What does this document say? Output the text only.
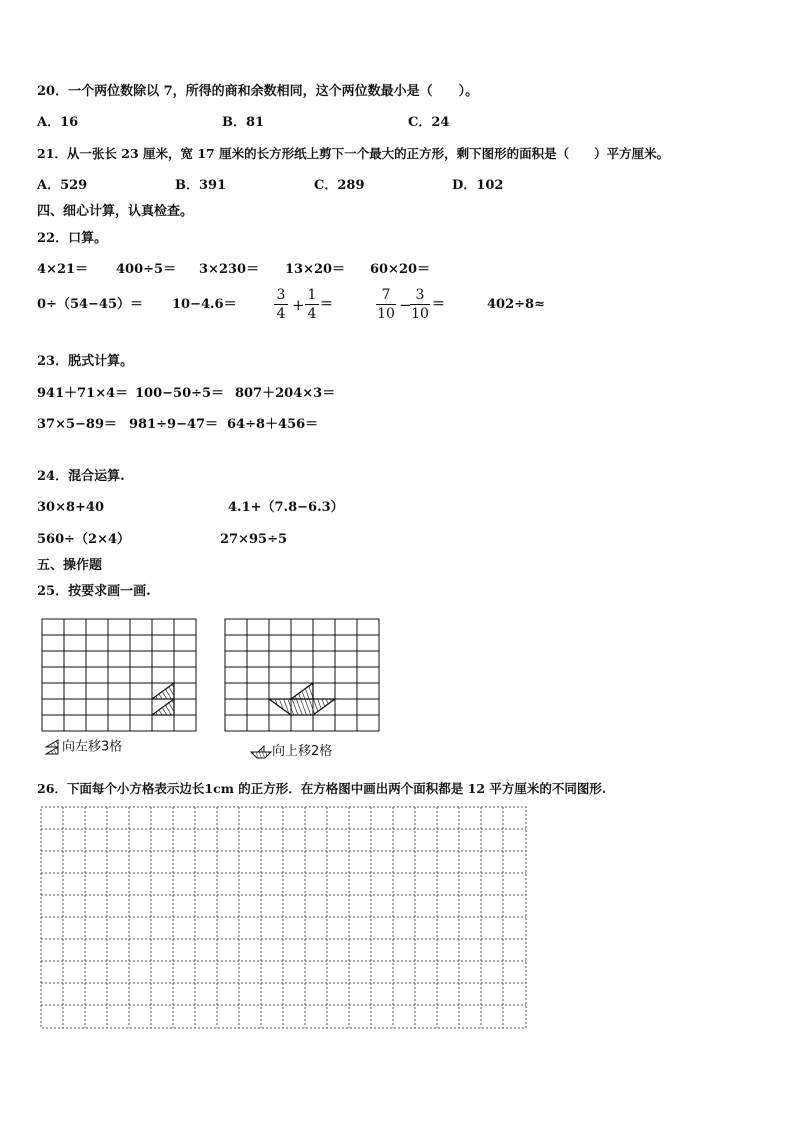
20．一个两位数除以 7，所得的商和余数相同，这个两位数最小是（　　）。
A．16	B．81	C．24
21．从一张长 23 厘米，宽 17 厘米的长方形纸上剪下一个最大的正方形，剩下图形的面积是（　　）平方厘米。
A．529	B．391	C．289	D．102
四、细心计算，认真检查。
22．口算。
4×21＝ 400÷5＝ 3×230＝ 13×20＝ 60×20＝
0÷（54−45）＝ 10−4.6＝
3
4 +
1
4
＝
7
10 −
3
10
＝	402÷8≈
23．脱式计算。
941＋71×4＝ 100−50÷5＝ 807＋204×3＝
37×5−89＝ 981÷9−47＝ 64÷8＋456＝
24．混合运算.
30×8+40	4.1+（7.8−6.3）
560÷（2×4）	27×95÷5
五、操作题
25．按要求画一画.
向左移3格	向上移2格
26．下面每个小方格表示边长1cm 的正方形．在方格图中画出两个面积都是 12 平方厘米的不同图形.
